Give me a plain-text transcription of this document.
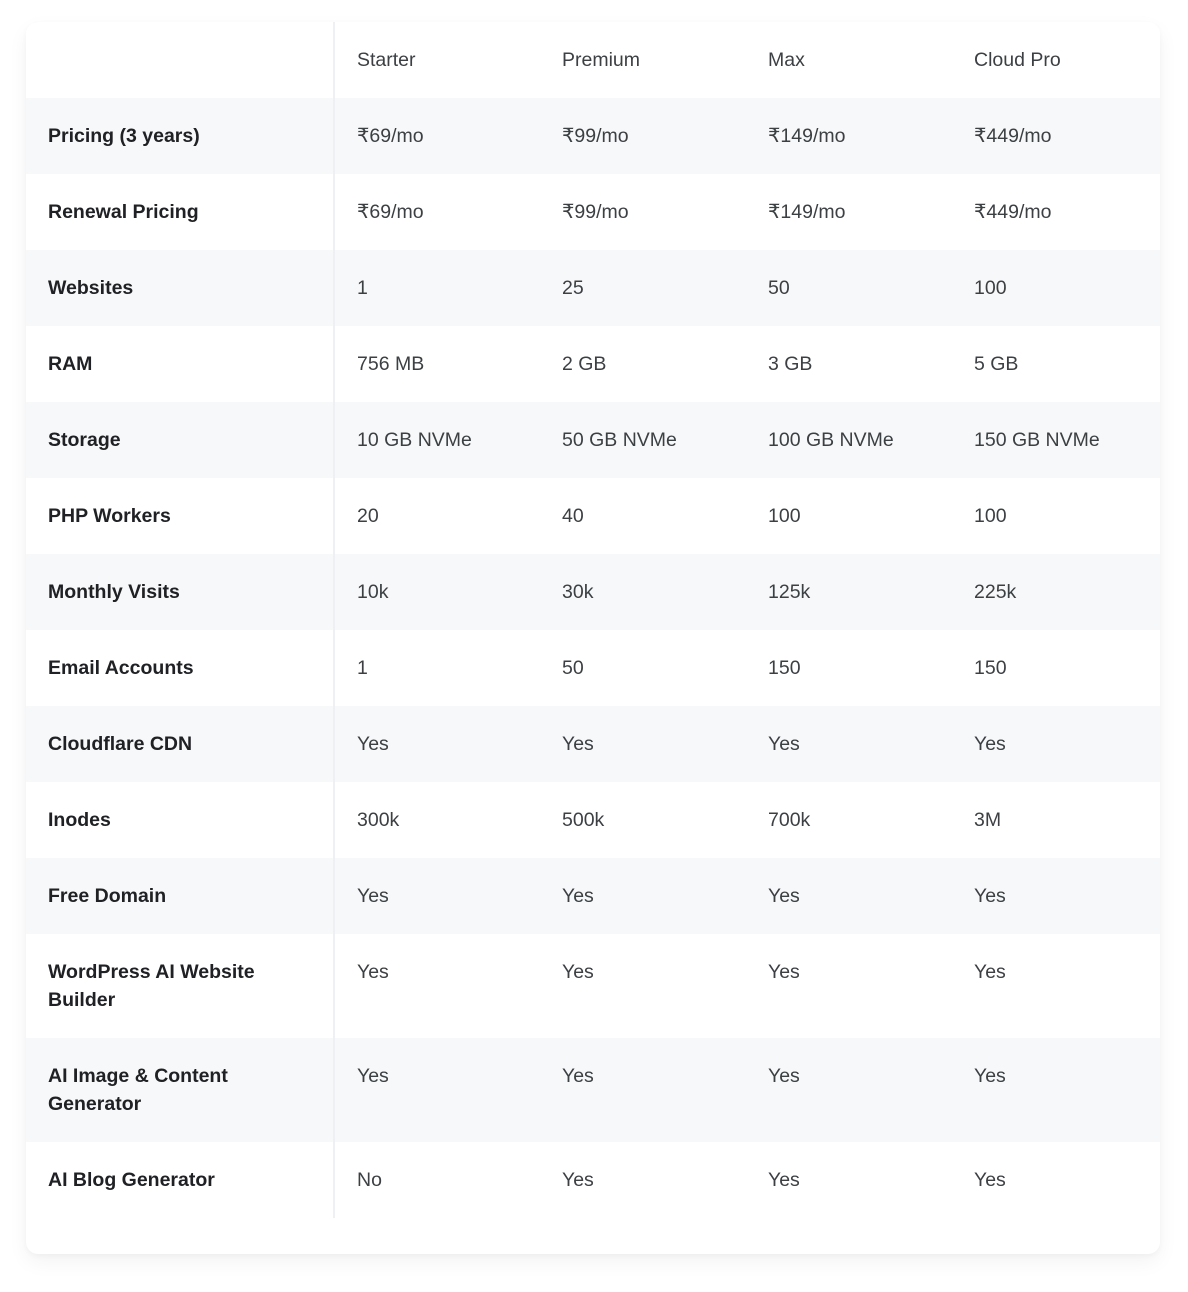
	Starter	Premium	Max	Cloud Pro
Pricing (3 years)	₹69/mo	₹99/mo	₹149/mo	₹449/mo
Renewal Pricing	₹69/mo	₹99/mo	₹149/mo	₹449/mo
Websites	1	25	50	100
RAM	756 MB	2 GB	3 GB	5 GB
Storage	10 GB NVMe	50 GB NVMe	100 GB NVMe	150 GB NVMe
PHP Workers	20	40	100	100
Monthly Visits	10k	30k	125k	225k
Email Accounts	1	50	150	150
Cloudflare CDN	Yes	Yes	Yes	Yes
Inodes	300k	500k	700k	3M
Free Domain	Yes	Yes	Yes	Yes
WordPress AI Website Builder	Yes	Yes	Yes	Yes
AI Image & Content Generator	Yes	Yes	Yes	Yes
AI Blog Generator	No	Yes	Yes	Yes
